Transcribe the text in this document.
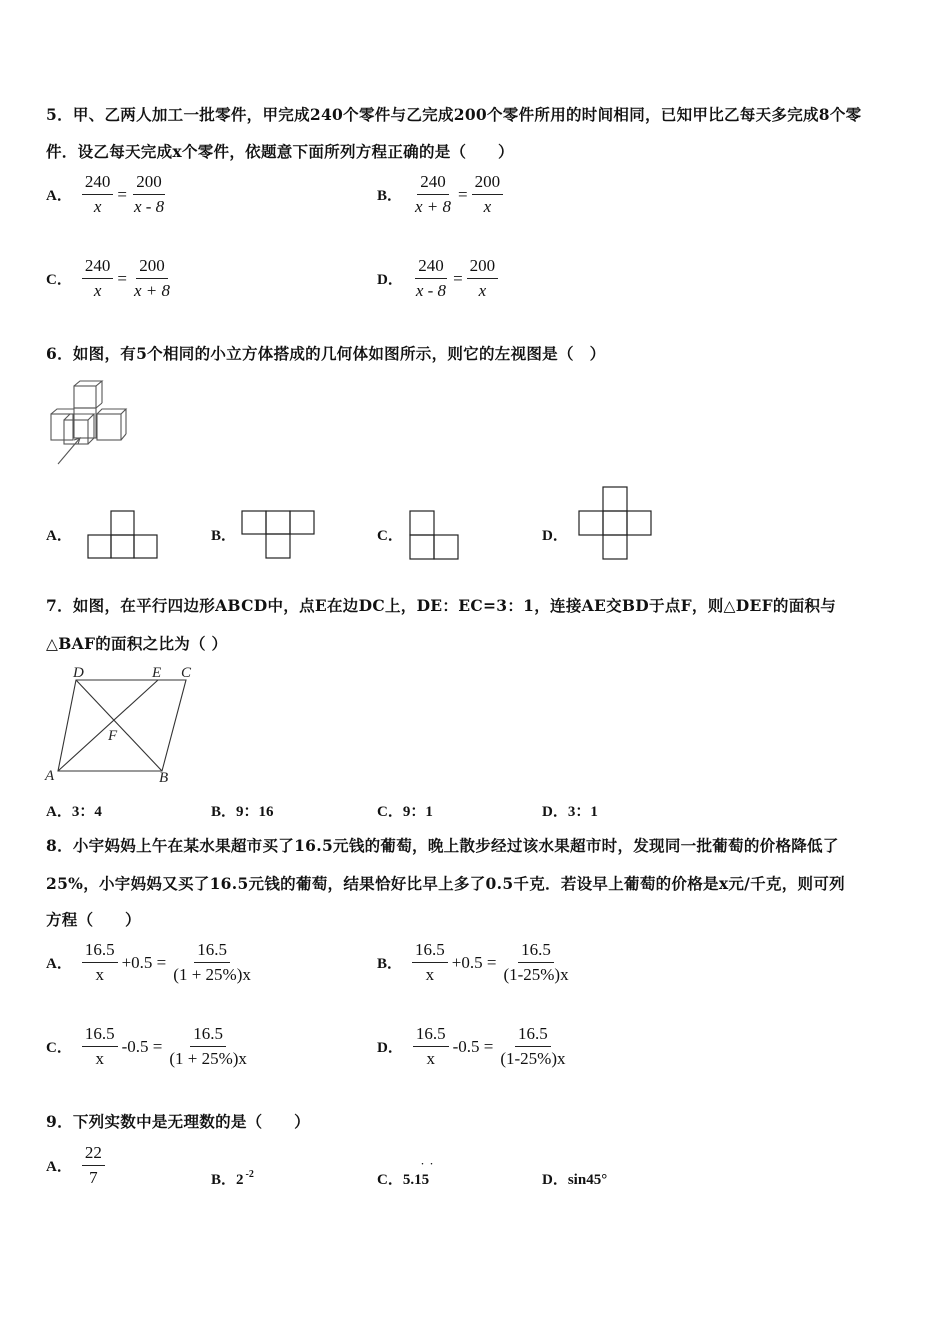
5．甲、乙两人加工一批零件，甲完成240个零件与乙完成200个零件所用的时间相同，已知甲比乙每天多完成8个零
件．设乙每天完成x个零件，依题意下面所列方程正确的是（　　）
A． $\frac{240}{x} = \frac{200}{x - 8}$	B． $\frac{240}{x + 8} = \frac{200}{x}$
C． $\frac{240}{x} = \frac{200}{x + 8}$	D． $\frac{240}{x - 8} = \frac{200}{x}$
6．如图，有5个相同的小立方体搭成的几何体如图所示，则它的左视图是（　）
A．	B．	C．	D．
7．如图，在平行四边形ABCD中，点E在边DC上，DE：EC=3：1，连接AE交BD于点F，则△DEF的面积与
△BAF的面积之比为（ ）
D	E C
F
A	B
A．3：4	B．9：16	C．9：1	D．3：1
8．小宇妈妈上午在某水果超市买了16.5元钱的葡萄，晚上散步经过该水果超市时，发现同一批葡萄的价格降低了
25%，小宇妈妈又买了16.5元钱的葡萄，结果恰好比早上多了0.5千克．若设早上葡萄的价格是x元/千克，则可列
方程（　　）
A． $\frac{16.5}{x} +0.5 = \frac{16.5}{(1 + 25\%)x}$	B． $\frac{16.5}{x} +0.5 = \frac{16.5}{(1-25\%)x}$
C． $\frac{16.5}{x} -0.5 = \frac{16.5}{(1 + 25\%)x}$	D． $\frac{16.5}{x} -0.5 = \frac{16.5}{(1-25\%)x}$
9．下列实数中是无理数的是（　　）
A． $\frac{22}{7}$	B．2 $^{-2}$	C．5.15
· ·
D．sin45°
